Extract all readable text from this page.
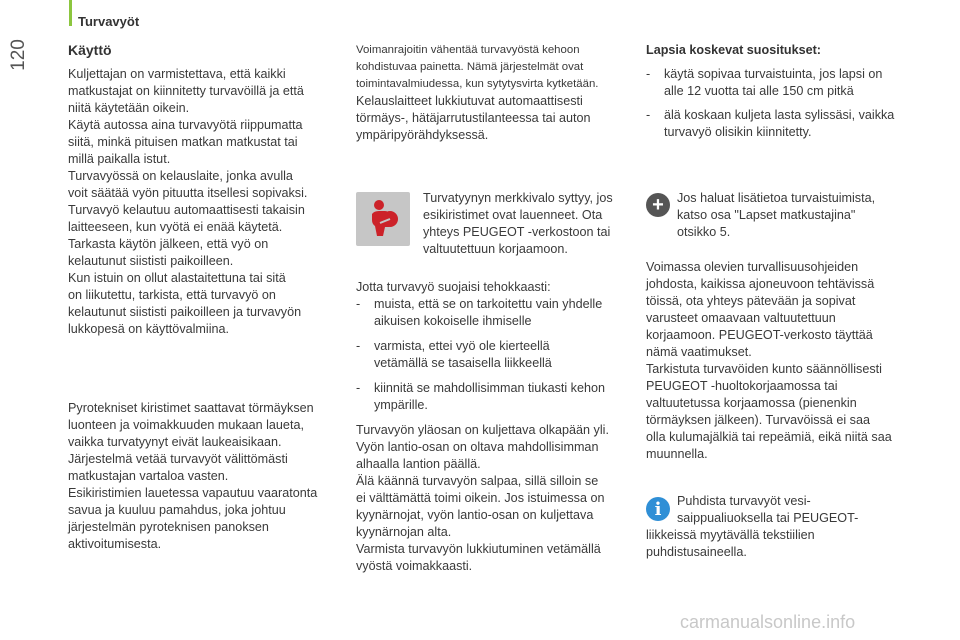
Turvavyöt
120	Käyttö

Kuljettajan on varmistettava, että kaikki
matkustajat on kiinnitetty turvavöillä ja että
niitä käytetään oikein.
Käytä autossa aina turvavyötä riippumatta
siitä, minkä pituisen matkan matkustat tai
millä paikalla istut.
Turvavyössä on kelauslaite, jonka avulla
voit säätää vyön pituutta itsellesi sopivaksi.
Turvavyö kelautuu automaattisesti takaisin
laitteeseen, kun vyötä ei enää käytetä.
Tarkasta käytön jälkeen, että vyö on
kelautunut siististi paikoilleen.
Kun istuin on ollut alastaitettuna tai sitä
on liikutettu, tarkista, että turvavyö on
kelautunut siististi paikoilleen ja turvavyön
lukkopesä on käyttövalmiina.

Pyrotekniset kiristimet saattavat törmäyksen
luonteen ja voimakkuuden mukaan laueta,
vaikka turvatyynyt eivät laukeaisikaan.
Järjestelmä vetää turvavyöt välittömästi
matkustajan vartaloa vasten.
Esikiristimien lauetessa vapautuu vaaratonta
savua ja kuuluu pamahdus, joka johtuu
järjestelmän pyroteknisen panoksen
aktivoitumisesta.

Voimanrajoitin vähentää turvavyöstä kehoon
kohdistuvaa painetta. Nämä järjestelmät ovat
toimintavalmiudessa, kun sytytysvirta kytketään.

Kelauslaitteet lukkiutuvat automaattisesti
törmäys-, hätäjarrutustilanteessa tai auton
ympäripyörähdyksessä.

Turvatyynyn merkkivalo syttyy, jos
esikiristimet ovat lauenneet. Ota
yhteys PEUGEOT -verkostoon tai
valtuutettuun korjaamoon.

Jotta turvavyö suojaisi tehokkaasti:

- muista, että se on tarkoitettu vain yhdelle
aikuisen kokoiselle ihmiselle

- varmista, ettei vyö ole kierteellä
vetämällä se tasaisella liikkeellä

- kiinnitä se mahdollisimman tiukasti kehon
ympärille.

Turvavyön yläosan on kuljettava olkapään yli.
Vyön lantio-osan on oltava mahdollisimman
alhaalla lantion päällä.
Älä käännä turvavyön salpaa, sillä silloin se
ei välttämättä toimi oikein. Jos istuimessa on
kyynärnojat, vyön lantio-osan on kuljettava
kyynärnojan alta.
Varmista turvavyön lukkiutuminen vetämällä
vyöstä voimakkaasti.

Lapsia koskevat suositukset:
- käytä sopivaa turvaistuinta, jos lapsi on
alle 12 vuotta tai alle 150 cm pitkä

- älä koskaan kuljeta lasta sylissäsi, vaikka
turvavyö olisikin kiinnitetty.

+	Jos haluat lisätietoa turvaistuimista,
katso osa "Lapset matkustajina"
otsikko 5.

Voimassa olevien turvallisuusohjeiden
johdosta, kaikissa ajoneuvoon tehtävissä
töissä, ota yhteys pätevään ja sopivat
varusteet omaavaan valtuutettuun
korjaamoon. PEUGEOT-verkosto täyttää
nämä vaatimukset.
Tarkistuta turvavöiden kunto säännöllisesti
PEUGEOT -huoltokorjaamossa tai
valtuutetussa korjaamossa (pienenkin
törmäyksen jälkeen). Turvavöissä ei saa
olla kulumajälkiä tai repeämiä, eikä niitä saa
muunnella.

i	Puhdista turvavyöt vesi-
saippualiuoksella tai PEUGEOT-

liikkeissä myytävällä tekstiilien
puhdistusaineella.

carmanualsonline.info
